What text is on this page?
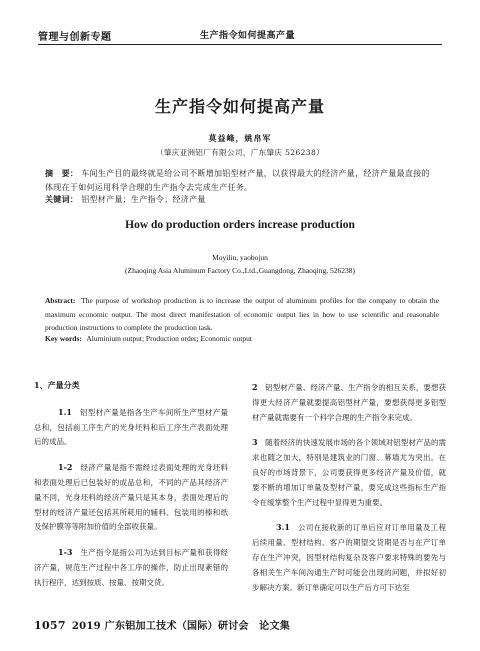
管理与创新专题	生产指令如何提高产量
生产指令如何提高产量
莫益峰，姚帛军
（肇庆亚洲铝厂有限公司，广东肇庆 526238）
摘　要： 车间生产目的最终就是给公司不断增加铝型材产量，以获得最大的经济产量，经济产量最直接的体现在于如何运用科学合理的生产指令去完成生产任务。
关键词： 铝型材产量；生产指令；经济产量
How do production orders increase production
Moyilin, yaobojun
(Zhaoqing Asia Aluminum Factory Co.,Ltd.,Guangdong, Zhaoqing, 526238)
Abstract: The purpose of workshop production is to increase the output of aluminum profiles for the company to obtain the maximum economic output. The most direct manifestation of economic output lies in how to use scientific and reasonable production instructions to complete the production task.
Key words: Aluminium output; Production order; Economic output
1、产量分类

1.1　 铝型材产量是指各生产车间所生产型材产量总和，包括前工序生产的光身坯料和后工序生产表面处理后的成品。

1-2　 经济产量是指不需经过表面处理的光身坯料和表面处理后已包装好的成品总和，不同的产品其经济产量不同，光身坯料的经济产量只是其本身，表面处理后的型材的经济产量还包括其所耗用的辅料、包装用的榛和纸及保护膜等等附加价值的全部收获量。

1-3　 生产指令是指公司为达到目标产量和获得经济产量，规范生产过程中各工序的操作，防止出现紊错的执行程序，达到按质、按量、按期交货。

2　 铝型材产量、经济产量、生产指令的相互关系，要想获得更大经济产量就要提高铝型材产量，要想获得更多铝型材产量就需要有一个科学合理的生产指令来完成。

3　 随着经济的快速发展市场的各个领域对铝型材产品的需求也随之加大，特别是建筑业的门窗、幕墙尤为突出。在良好的市场背景下，公司要获得更多经济产量及价值，就要不断的增加订单量及型材产量，要完成这些指标生产指令在缓掌整个生产过程中显得更为重要。

3.1　 公司在接收新的订单后应对订单用量及工程后续用量、型材结构、客户的期望交货期是否与在产订单存在生产冲突，因型材结构复杂及客户要求特殊的要先与各相关生产车间沟通生产时可能会出现的问题，并拟好初步解决方案。新订单确定可以生产后方可下达至

1057 2019 广东铝加工技术（国际）研讨会　论文集
